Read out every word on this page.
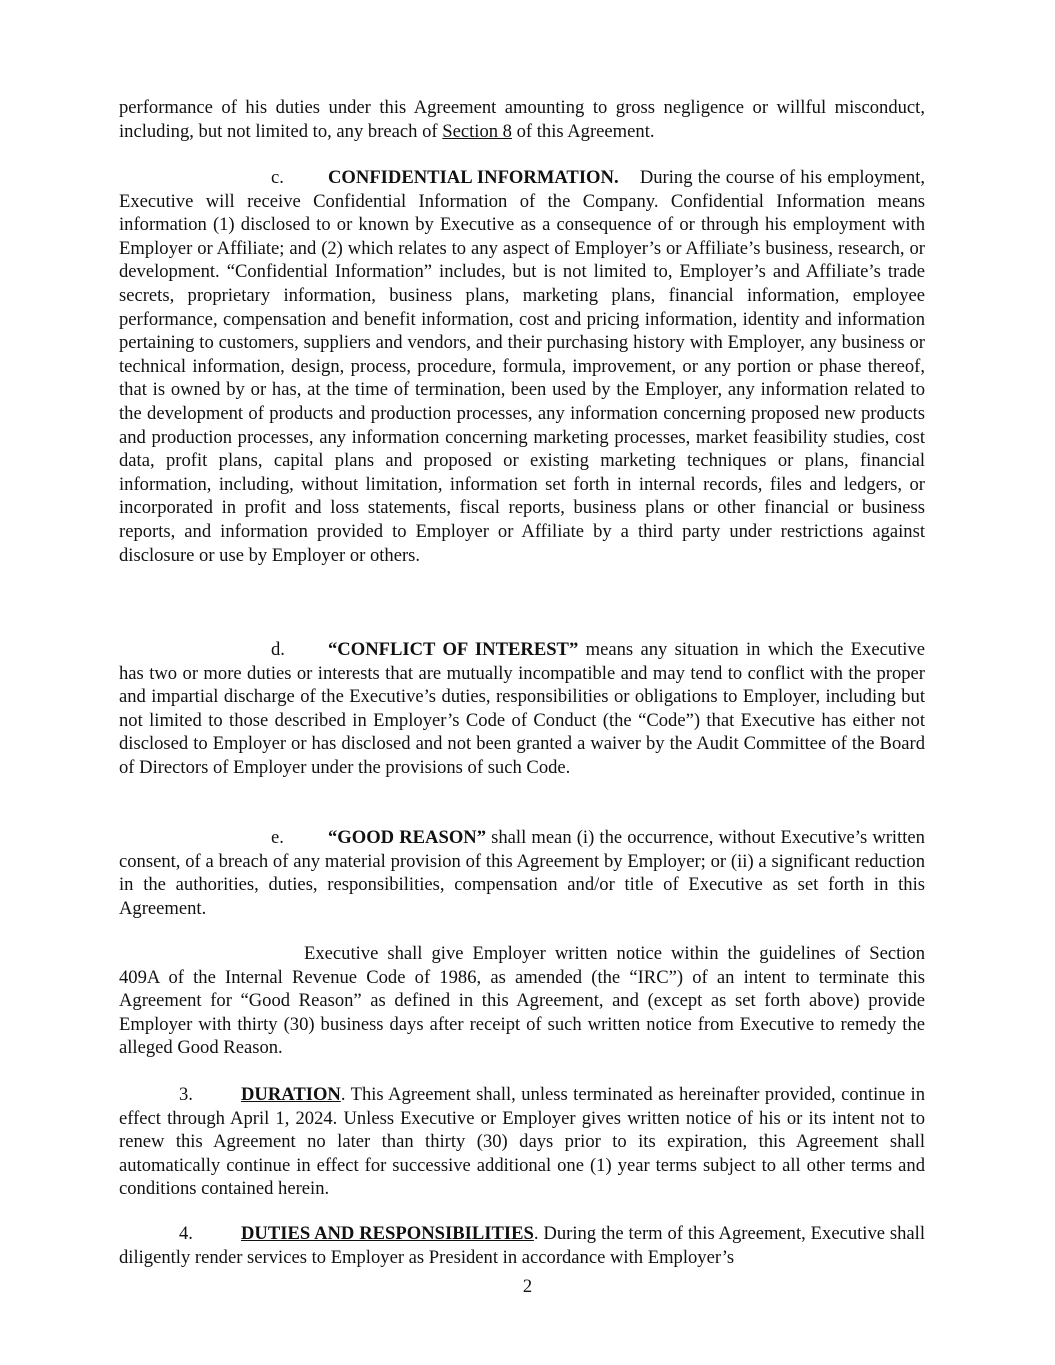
performance of his duties under this Agreement amounting to gross negligence or willful misconduct, including, but not limited to, any breach of Section 8 of this Agreement.

c. CONFIDENTIAL INFORMATION. During the course of his employment, Executive will receive Confidential Information of the Company. Confidential Information means information (1) disclosed to or known by Executive as a consequence of or through his employment with Employer or Affiliate; and (2) which relates to any aspect of Employer’s or Affiliate’s business, research, or development. “Confidential Information” includes, but is not limited to, Employer’s and Affiliate’s trade secrets, proprietary information, business plans, marketing plans, financial information, employee performance, compensation and benefit information, cost and pricing information, identity and information pertaining to customers, suppliers and vendors, and their purchasing history with Employer, any business or technical information, design, process, procedure, formula, improvement, or any portion or phase thereof, that is owned by or has, at the time of termination, been used by the Employer, any information related to the development of products and production processes, any information concerning proposed new products and production processes, any information concerning marketing processes, market feasibility studies, cost data, profit plans, capital plans and proposed or existing marketing techniques or plans, financial information, including, without limitation, information set forth in internal records, files and ledgers, or incorporated in profit and loss statements, fiscal reports, business plans or other financial or business reports, and information provided to Employer or Affiliate by a third party under restrictions against disclosure or use by Employer or others.

d. “CONFLICT OF INTEREST” means any situation in which the Executive has two or more duties or interests that are mutually incompatible and may tend to conflict with the proper and impartial discharge of the Executive’s duties, responsibilities or obligations to Employer, including but not limited to those described in Employer’s Code of Conduct (the “Code”) that Executive has either not disclosed to Employer or has disclosed and not been granted a waiver by the Audit Committee of the Board of Directors of Employer under the provisions of such Code.

e. “GOOD REASON” shall mean (i) the occurrence, without Executive’s written consent, of a breach of any material provision of this Agreement by Employer; or (ii) a significant reduction in the authorities, duties, responsibilities, compensation and/or title of Executive as set forth in this Agreement.

Executive shall give Employer written notice within the guidelines of Section 409A of the Internal Revenue Code of 1986, as amended (the “IRC”) of an intent to terminate this Agreement for “Good Reason” as defined in this Agreement, and (except as set forth above) provide Employer with thirty (30) business days after receipt of such written notice from Executive to remedy the alleged Good Reason.

3.	DURATION. This Agreement shall, unless terminated as hereinafter provided, continue in effect through April 1, 2024. Unless Executive or Employer gives written notice of his or its intent not to renew this Agreement no later than thirty (30) days prior to its expiration, this Agreement shall automatically continue in effect for successive additional one (1) year terms subject to all other terms and conditions contained herein.

4.	DUTIES AND RESPONSIBILITIES. During the term of this Agreement, Executive shall diligently render services to Employer as President in accordance with Employer’s

2
